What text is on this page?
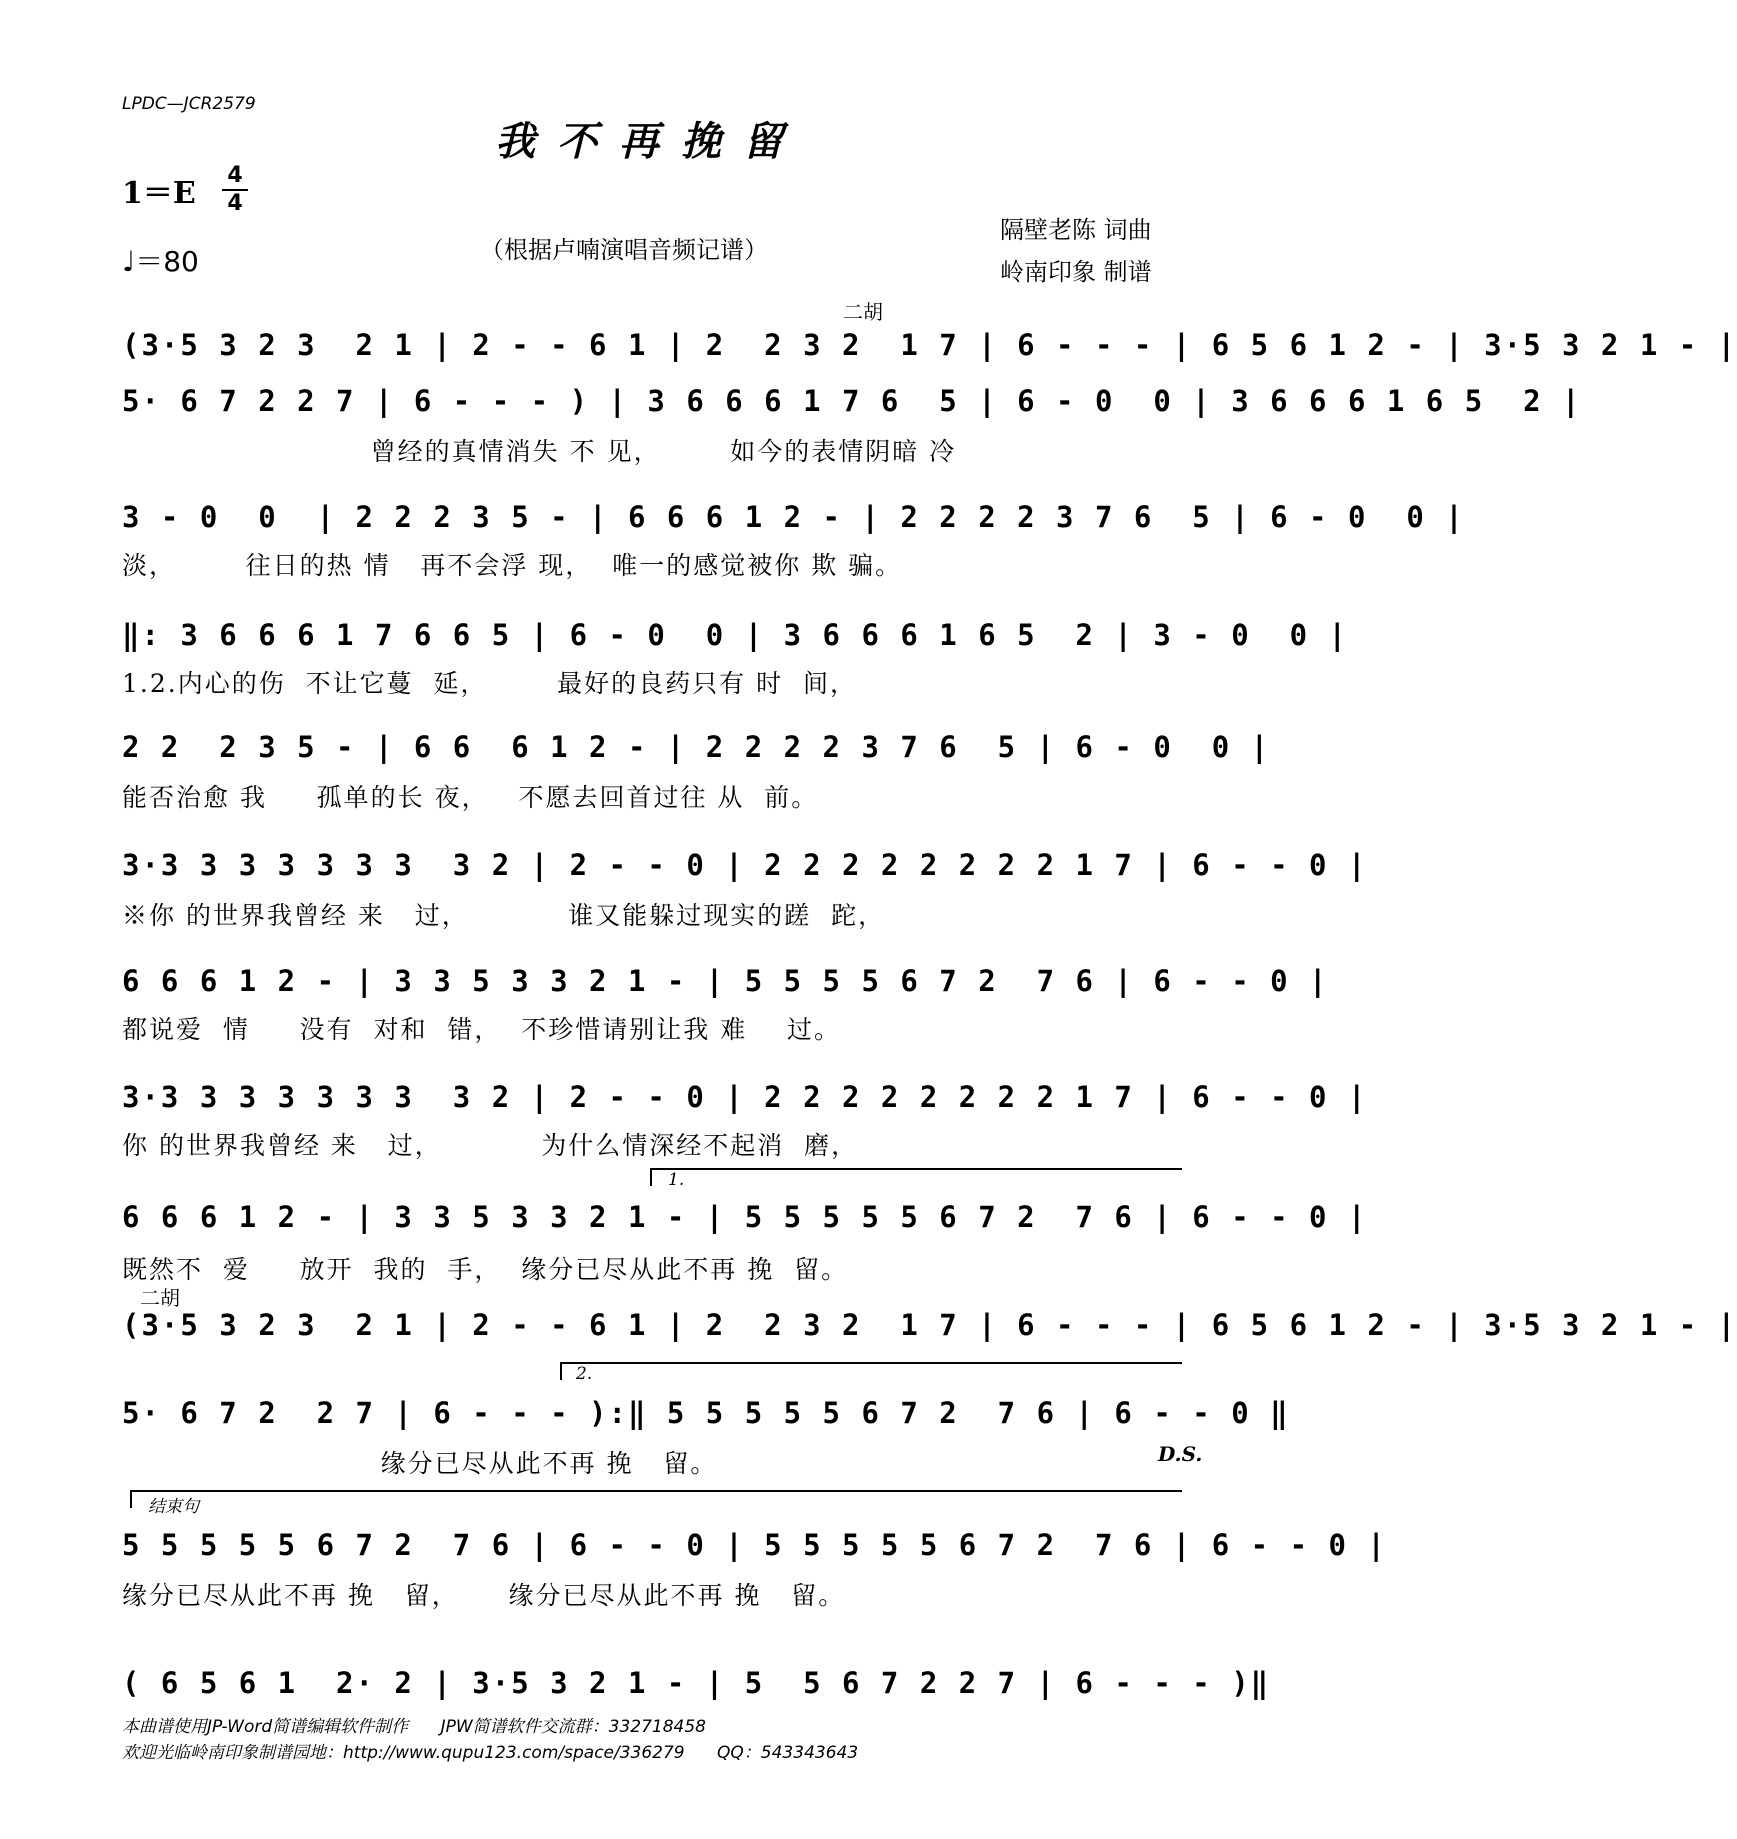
LPDC—JCR2579
我不再挽留
1＝E
4
4
♩＝80	（根据卢喃演唱音频记谱）
隔壁老陈 词曲
岭南印象 制谱
二胡
(3·5 3 2 3  2 1 | 2 - - 6 1 | 2  2 3 2  1 7 | 6 - - - | 6 5 6 1 2 - | 3·5 3 2 1 - |
5· 6 7 2 2 7 | 6 - - - ) | 3 6 6 6 1 7 6  5 | 6 - 0  0 | 3 6 6 6 1 6 5  2 |
曾经的真情消失 不 见，       如今的表情阴暗 冷
3 - 0  0  | 2 2 2 3 5 - | 6 6 6 1 2 - | 2 2 2 2 3 7 6  5 | 6 - 0  0 |
淡，       往日的热 情   再不会浮 现，  唯一的感觉被你 欺 骗。
‖: 3 6 6 6 1 7 6 6 5 | 6 - 0  0 | 3 6 6 6 1 6 5  2 | 3 - 0  0 |
1.2.内心的伤  不让它蔓  延，       最好的良药只有 时  间，
2 2  2 3 5 - | 6 6  6 1 2 - | 2 2 2 2 3 7 6  5 | 6 - 0  0 |
能否治愈 我     孤单的长 夜，   不愿去回首过往 从  前。
3·3 3 3 3 3 3 3  3 2 | 2 - - 0 | 2 2 2 2 2 2 2 2 1 7 | 6 - - 0 |
※你 的世界我曾经 来   过，          谁又能躲过现实的蹉  跎，
6 6 6 1 2 - | 3 3 5 3 3 2 1 - | 5 5 5 5 6 7 2  7 6 | 6 - - 0 |
都说爱  情     没有  对和  错，  不珍惜请别让我 难    过。
3·3 3 3 3 3 3 3  3 2 | 2 - - 0 | 2 2 2 2 2 2 2 2 1 7 | 6 - - 0 |
你 的世界我曾经 来   过，          为什么情深经不起消  磨，
1.
6 6 6 1 2 - | 3 3 5 3 3 2 1 - | 5 5 5 5 5 6 7 2  7 6 | 6 - - 0 |
既然不  爱     放开  我的  手，  缘分已尽从此不再 挽  留。
二胡
(3·5 3 2 3  2 1 | 2 - - 6 1 | 2  2 3 2  1 7 | 6 - - - | 6 5 6 1 2 - | 3·5 3 2 1 - |
2.
5· 6 7 2  2 7 | 6 - - - ):‖ 5 5 5 5 5 6 7 2  7 6 | 6 - - 0 ‖
缘分已尽从此不再 挽   留。	D.S.
结束句
5 5 5 5 5 6 7 2  7 6 | 6 - - 0 | 5 5 5 5 5 6 7 2  7 6 | 6 - - 0 |
缘分已尽从此不再 挽   留，     缘分已尽从此不再 挽   留。
( 6 5 6 1  2· 2 | 3·5 3 2 1 - | 5  5 6 7 2 2 7 | 6 - - - )‖
本曲谱使用JP-Word简谱编辑软件制作      JPW简谱软件交流群：332718458
欢迎光临岭南印象制谱园地：http://www.qupu123.com/space/336279      QQ：543343643
